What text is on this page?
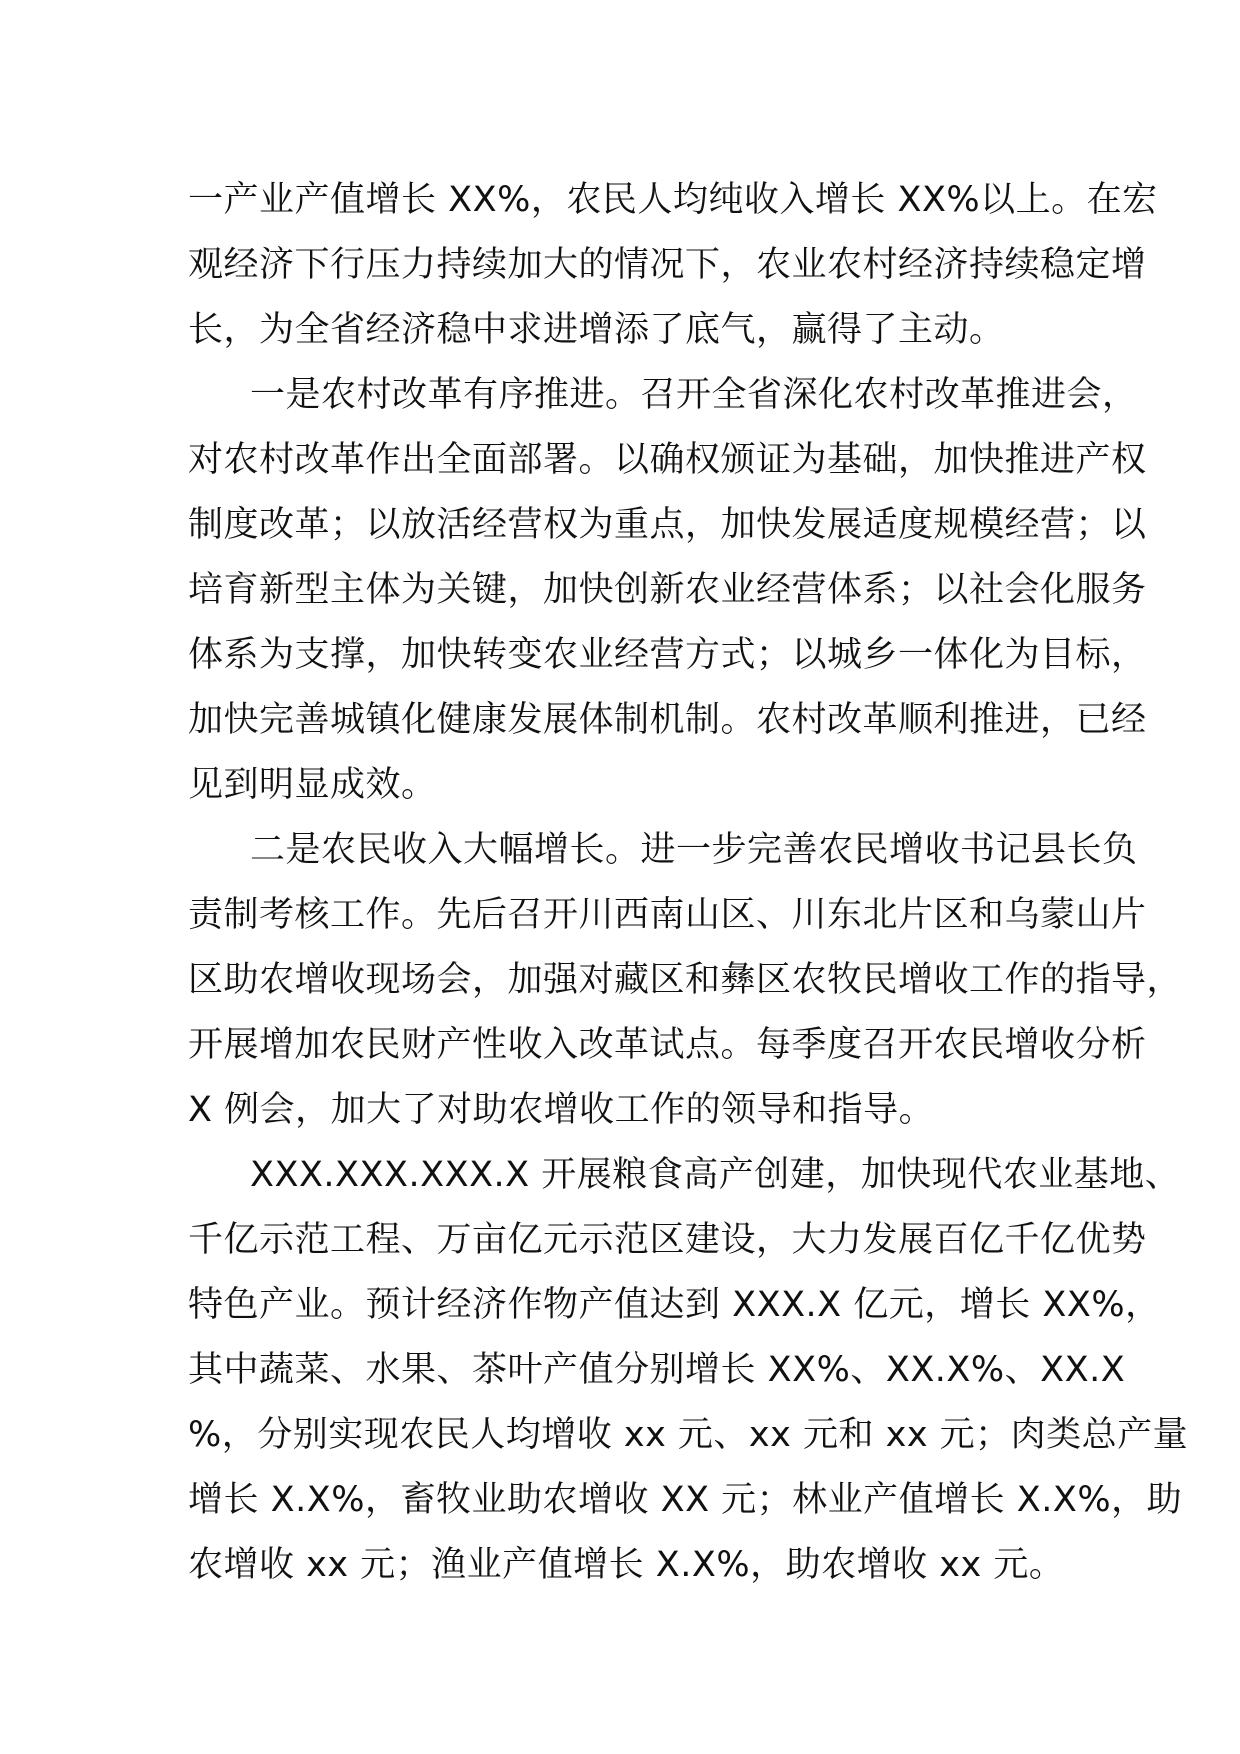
一产业产值增长 XX%，农民人均纯收入增长 XX%以上。在宏
观经济下行压力持续加大的情况下，农业农村经济持续稳定增
长，为全省经济稳中求进增添了底气，赢得了主动。

一是农村改革有序推进。召开全省深化农村改革推进会，
对农村改革作出全面部署。以确权颁证为基础，加快推进产权
制度改革；以放活经营权为重点，加快发展适度规模经营；以
培育新型主体为关键，加快创新农业经营体系；以社会化服务
体系为支撑，加快转变农业经营方式；以城乡一体化为目标，
加快完善城镇化健康发展体制机制。农村改革顺利推进，已经
见到明显成效。

二是农民收入大幅增长。进一步完善农民增收书记县长负
责制考核工作。先后召开川西南山区、川东北片区和乌蒙山片
区助农增收现场会，加强对藏区和彝区农牧民增收工作的指导，
开展增加农民财产性收入改革试点。每季度召开农民增收分析
X 例会，加大了对助农增收工作的领导和指导。

XXX.XXX.XXX.X 开展粮食高产创建，加快现代农业基地、
千亿示范工程、万亩亿元示范区建设，大力发展百亿千亿优势
特色产业。预计经济作物产值达到 XXX.X 亿元，增长 XX%，
其中蔬菜、水果、茶叶产值分别增长 XX%、XX.X%、XX.X
%，分别实现农民人均增收 xx 元、xx 元和 xx 元；肉类总产量
增长 X.X%，畜牧业助农增收 XX 元；林业产值增长 X.X%，助
农增收 xx 元；渔业产值增长 X.X%，助农增收 xx 元。
